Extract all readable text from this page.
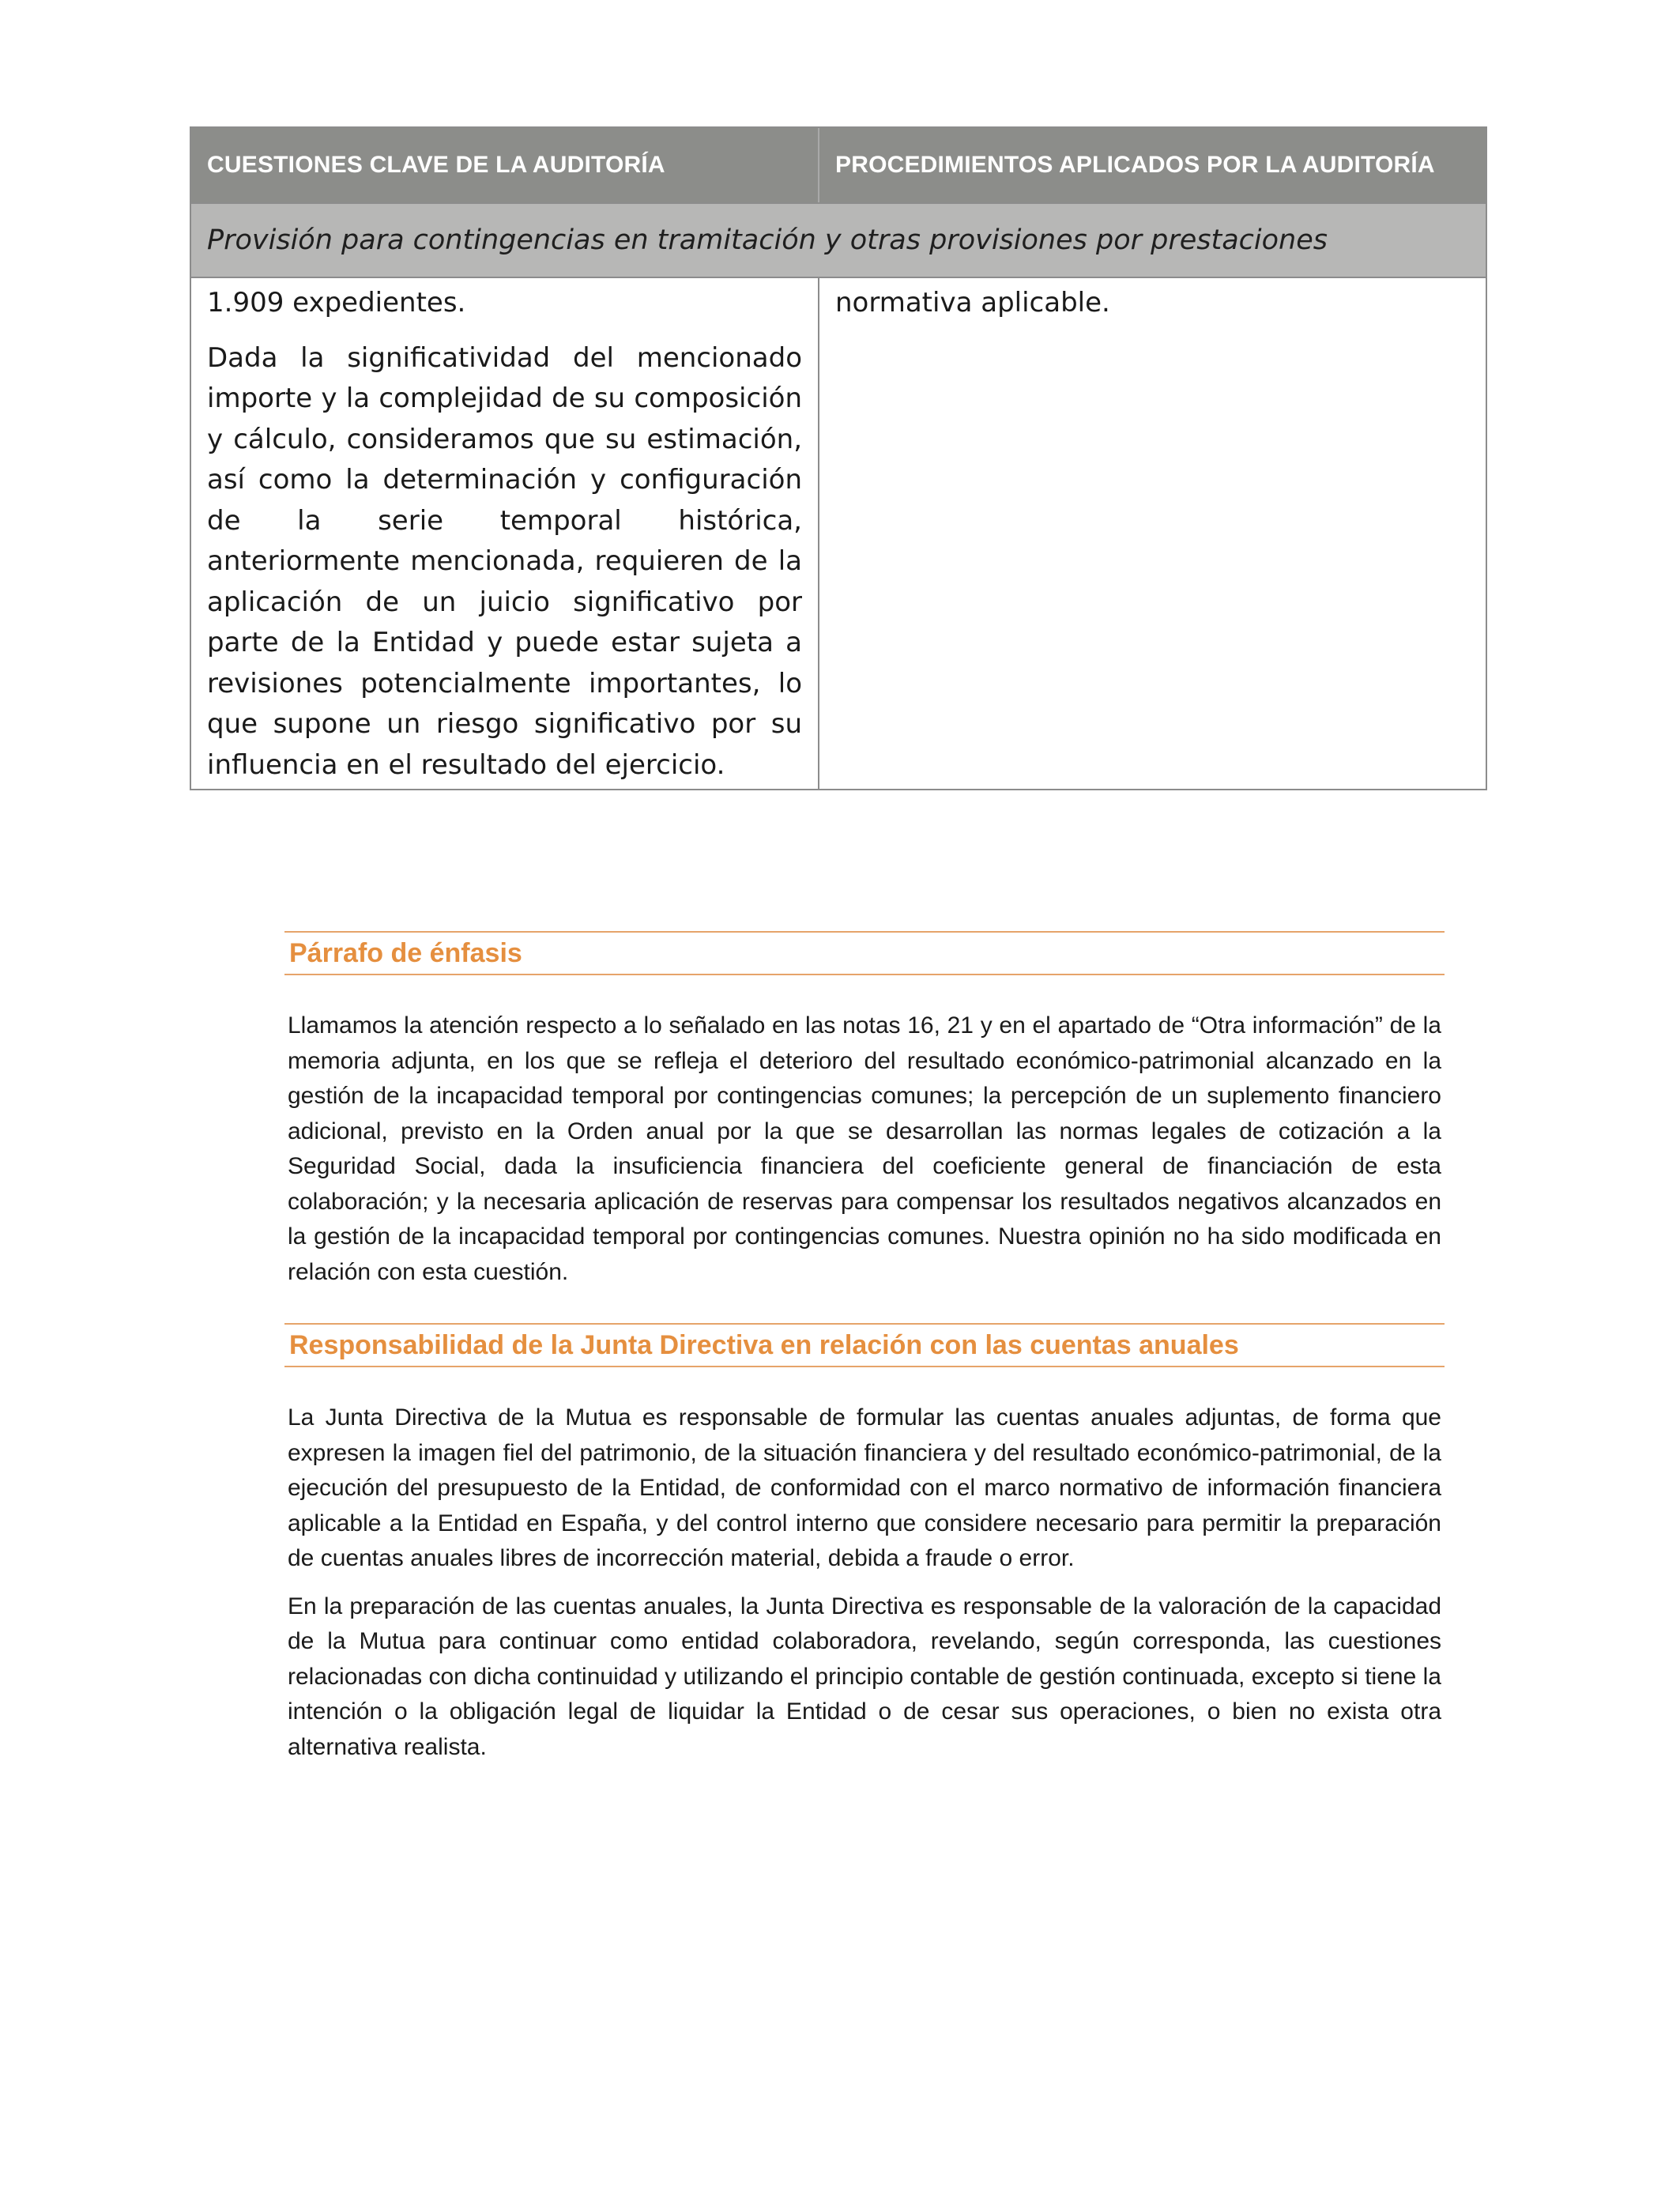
CUESTIONES CLAVE DE LA AUDITORÍA	PROCEDIMIENTOS APLICADOS POR LA AUDITORÍA
Provisión para contingencias en tramitación y otras provisiones por prestaciones

1.909 expedientes.

Dada la significatividad del mencionado importe y la complejidad de su composición y cálculo, consideramos que su estimación, así como la determinación y configuración de la serie temporal histórica, anteriormente mencionada, requieren de la aplicación de un juicio significativo por parte de la Entidad y puede estar sujeta a revisiones potencialmente importantes, lo que supone un riesgo significativo por su influencia en el resultado del ejercicio.

normativa aplicable.

Párrafo de énfasis

Llamamos la atención respecto a lo señalado en las notas 16, 21 y en el apartado de “Otra información” de la memoria adjunta, en los que se refleja el deterioro del resultado económico-patrimonial alcanzado en la gestión de la incapacidad temporal por contingencias comunes; la percepción de un suplemento financiero adicional, previsto en la Orden anual por la que se desarrollan las normas legales de cotización a la Seguridad Social, dada la insuficiencia financiera del coeficiente general de financiación de esta colaboración; y la necesaria aplicación de reservas para compensar los resultados negativos alcanzados en la gestión de la incapacidad temporal por contingencias comunes. Nuestra opinión no ha sido modificada en relación con esta cuestión.

Responsabilidad de la Junta Directiva en relación con las cuentas anuales

La Junta Directiva de la Mutua es responsable de formular las cuentas anuales adjuntas, de forma que expresen la imagen fiel del patrimonio, de la situación financiera y del resultado económico-patrimonial, de la ejecución del presupuesto de la Entidad, de conformidad con el marco normativo de información financiera aplicable a la Entidad en España, y del control interno que considere necesario para permitir la preparación de cuentas anuales libres de incorrección material, debida a fraude o error.

En la preparación de las cuentas anuales, la Junta Directiva es responsable de la valoración de la capacidad de la Mutua para continuar como entidad colaboradora, revelando, según corresponda, las cuestiones relacionadas con dicha continuidad y utilizando el principio contable de gestión continuada, excepto si tiene la intención o la obligación legal de liquidar la Entidad o de cesar sus operaciones, o bien no exista otra alternativa realista.
